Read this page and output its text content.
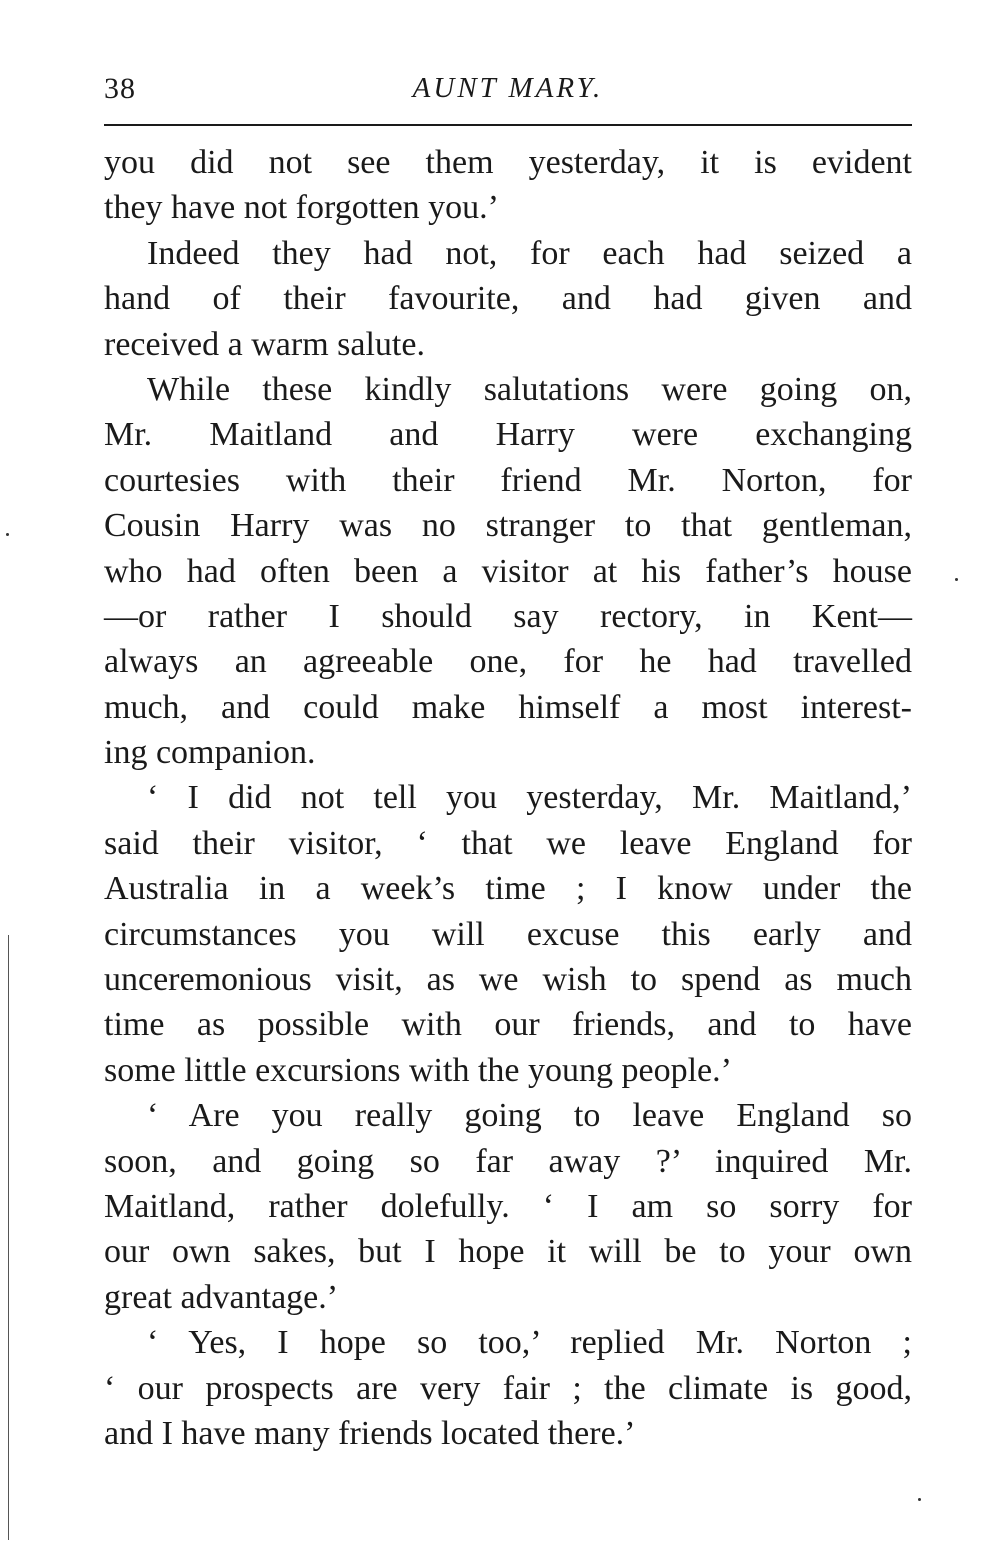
38	AUNT MARY.
you did not see them yesterday, it is evident
they have not forgotten you.’
Indeed they had not, for each had seized a
hand of their favourite, and had given and
received a warm salute.
While these kindly salutations were going on,
Mr. Maitland and Harry were exchanging
courtesies with their friend Mr. Norton, for
Cousin Harry was no stranger to that gentleman,
who had often been a visitor at his father’s house
—or rather I should say rectory, in Kent—
always an agreeable one, for he had travelled
much, and could make himself a most interest-
ing companion.
‘ I did not tell you yesterday, Mr. Maitland,’
said their visitor, ‘ that we leave England for
Australia in a week’s time ; I know under the
circumstances you will excuse this early and
unceremonious visit, as we wish to spend as much
time as possible with our friends, and to have
some little excursions with the young people.’
‘ Are you really going to leave England so
soon, and going so far away ?’ inquired Mr.
Maitland, rather dolefully. ‘ I am so sorry for
our own sakes, but I hope it will be to your own
great advantage.’
‘ Yes, I hope so too,’ replied Mr. Norton ;
‘ our prospects are very fair ; the climate is good,
and I have many friends located there.’
